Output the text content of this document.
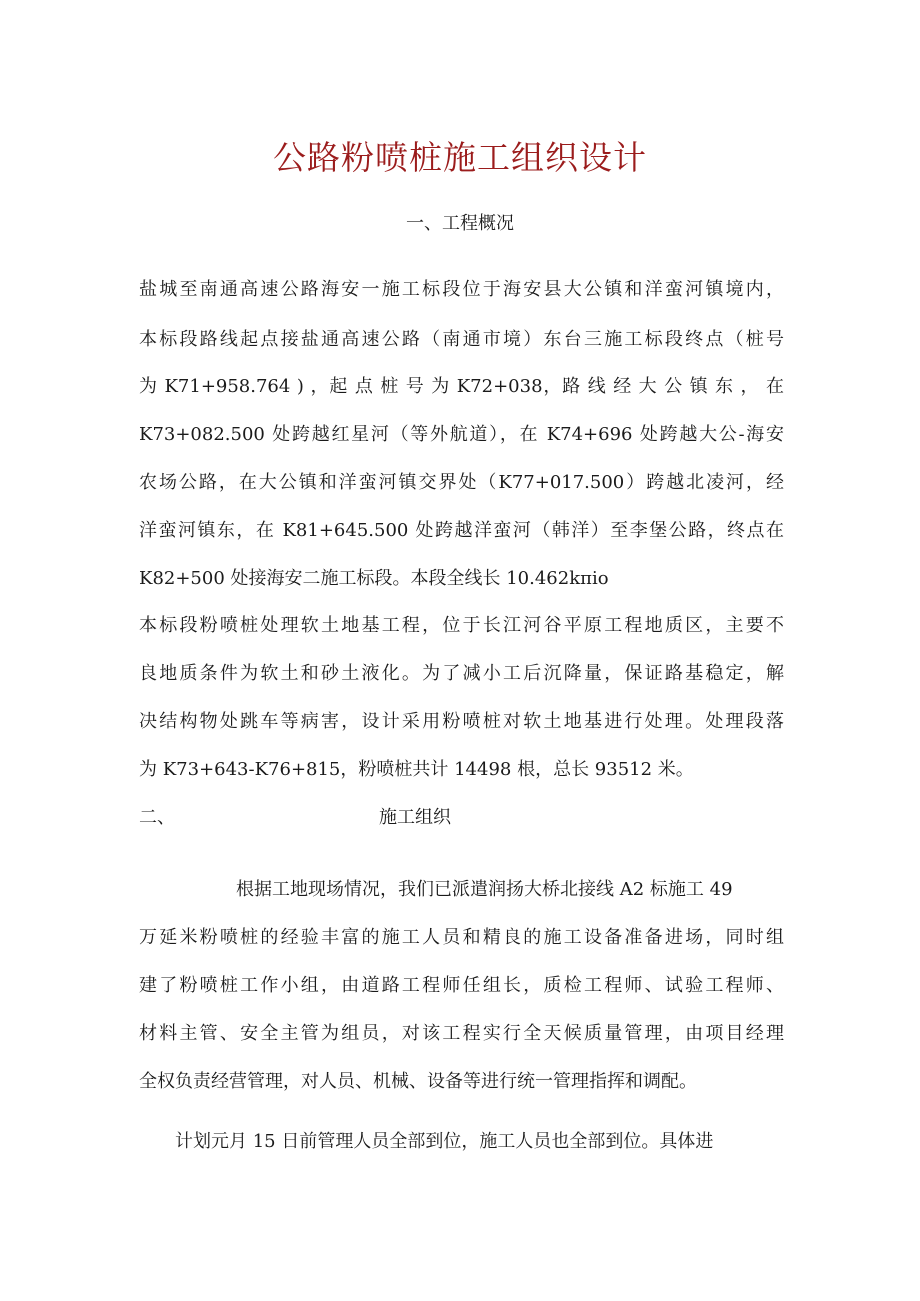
公路粉喷桩施工组织设计
一、工程概况

盐城至南通高速公路海安一施工标段位于海安县大公镇和洋蛮河镇境内，

本标段路线起点接盐通高速公路（南通市境）东台三施工标段终点（桩号

为 K71+958.764 ) ，起 点 桩 号 为 K72+038，路 线 经 大 公 镇 东 ， 在

K73+082.500 处跨越红星河（等外航道），在 K74+696 处跨越大公-海安

农场公路，在大公镇和洋蛮河镇交界处（K77+017.500）跨越北凌河，经

洋蛮河镇东，在 K81+645.500 处跨越洋蛮河（韩洋）至李堡公路，终点在

K82+500 处接海安二施工标段。本段全线长 10.462kπio

本标段粉喷桩处理软土地基工程，位于长江河谷平原工程地质区，主要不

良地质条件为软土和砂土液化。为了减小工后沉降量，保证路基稳定，解

决结构物处跳车等病害，设计采用粉喷桩对软土地基进行处理。处理段落

为 K73+643-K76+815，粉喷桩共计 14498 根，总长 93512 米。

二、	施工组织

根据工地现场情况，我们已派遣润扬大桥北接线 A2 标施工 49

万延米粉喷桩的经验丰富的施工人员和精良的施工设备准备进场，同时组

建了粉喷桩工作小组，由道路工程师任组长，质检工程师、试验工程师、

材料主管、安全主管为组员，对该工程实行全天候质量管理，由项目经理

全权负责经营管理，对人员、机械、设备等进行统一管理指挥和调配。

计划元月 15 日前管理人员全部到位，施工人员也全部到位。具体进
